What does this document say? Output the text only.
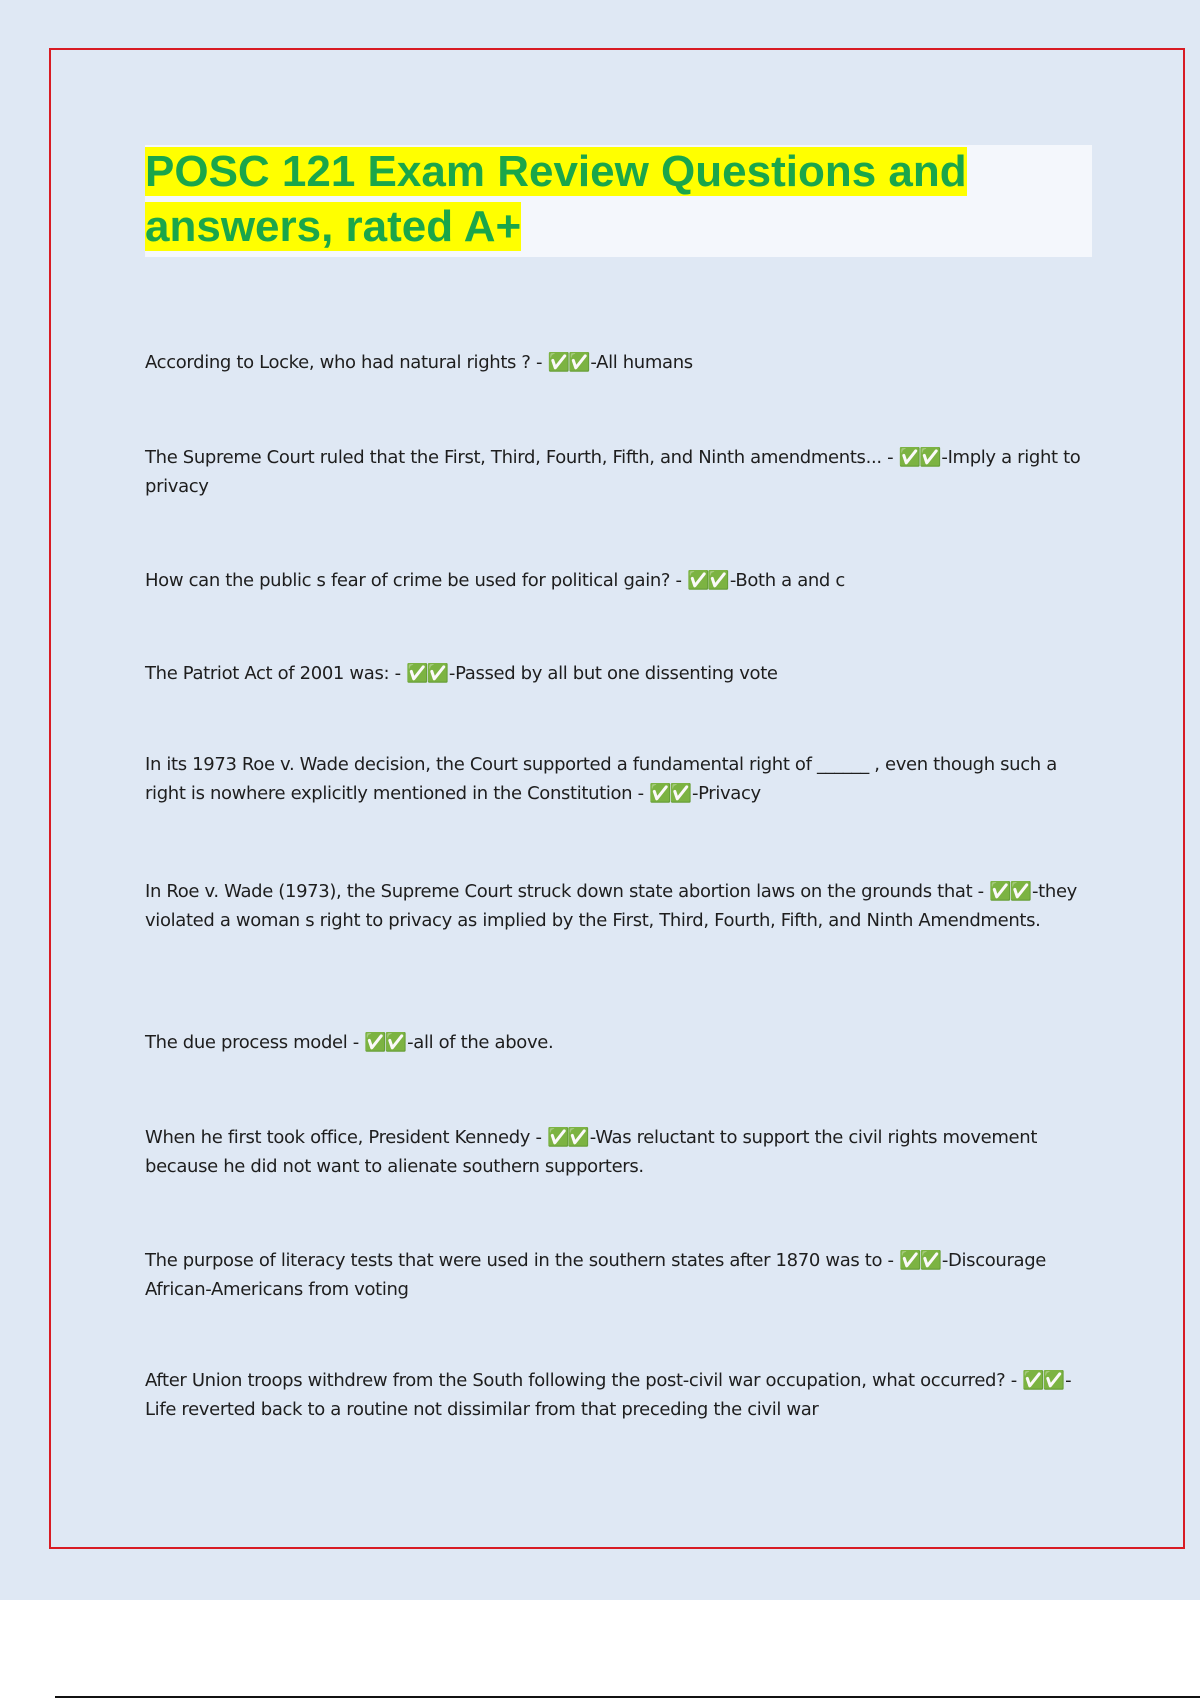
POSC 121 Exam Review Questions and answers, rated A+

According to Locke, who had natural rights ? - ✅✅ -All humans

The Supreme Court ruled that the First, Third, Fourth, Fifth, and Ninth amendments... - ✅✅ -Imply a right to privacy

How can the public s fear of crime be used for political gain? - ✅✅ -Both a and c

The Patriot Act of 2001 was: - ✅✅ -Passed by all but one dissenting vote

In its 1973 Roe v. Wade decision, the Court supported a fundamental right of ______ , even though such a right is nowhere explicitly mentioned in the Constitution - ✅✅ -Privacy

In Roe v. Wade (1973), the Supreme Court struck down state abortion laws on the grounds that - ✅✅ -they violated a woman s right to privacy as implied by the First, Third, Fourth, Fifth, and Ninth Amendments.

The due process model - ✅✅ -all of the above.

When he first took office, President Kennedy - ✅✅ -Was reluctant to support the civil rights movement because he did not want to alienate southern supporters.

The purpose of literacy tests that were used in the southern states after 1870 was to - ✅✅ -Discourage African-Americans from voting

After Union troops withdrew from the South following the post-civil war occupation, what occurred? - ✅✅ -Life reverted back to a routine not dissimilar from that preceding the civil war
